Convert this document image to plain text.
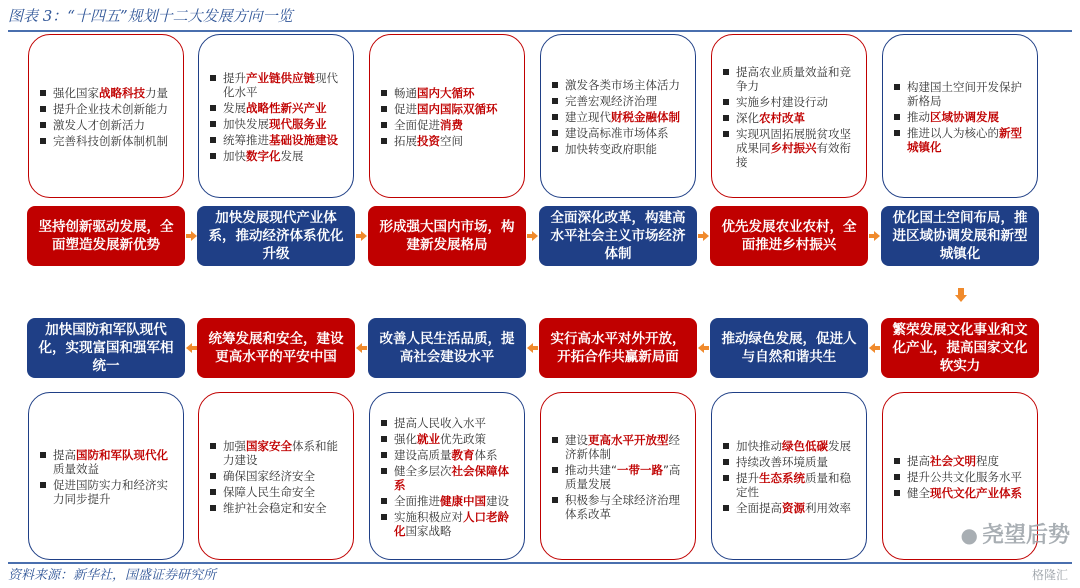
图表 3：“十四五”规划十二大发展方向一览
强化国家战略科技力量
提升企业技术创新能力
激发人才创新活力
完善科技创新体制机制
坚持创新驱动发展，全面塑造发展新优势
提升产业链供应链现代化水平
发展战略性新兴产业
加快发展现代服务业
统筹推进基础设施建设
加快数字化发展
加快发展现代产业体系，推动经济体系优化升级
畅通国内大循环
促进国内国际双循环
全面促进消费
拓展投资空间
形成强大国内市场，构建新发展格局
激发各类市场主体活力
完善宏观经济治理
建立现代财税金融体制
建设高标准市场体系
加快转变政府职能
全面深化改革，构建高水平社会主义市场经济体制
提高农业质量效益和竞争力
实施乡村建设行动
深化农村改革
实现巩固拓展脱贫攻坚成果同乡村振兴有效衔接
优先发展农业农村，全面推进乡村振兴
构建国土空间开发保护新格局
推动区域协调发展
推进以人为核心的新型城镇化
优化国土空间布局，推进区域协调发展和新型城镇化
提高国防和军队现代化质量效益
促进国防实力和经济实力同步提升
加快国防和军队现代化，实现富国和强军相统一
加强国家安全体系和能力建设
确保国家经济安全
保障人民生命安全
维护社会稳定和安全
统筹发展和安全，建设更高水平的平安中国
提高人民收入水平
强化就业优先政策
建设高质量教育体系
健全多层次社会保障体系
全面推进健康中国建设
实施积极应对人口老龄化国家战略
改善人民生活品质，提高社会建设水平
建设更高水平开放型经济新体制
推动共建“一带一路”高质量发展
积极参与全球经济治理体系改革
实行高水平对外开放，开拓合作共赢新局面
加快推动绿色低碳发展
持续改善环境质量
提升生态系统质量和稳定性
全面提高资源利用效率
推动绿色发展，促进人与自然和谐共生
提高社会文明程度
提升公共文化服务水平
健全现代文化产业体系
繁荣发展文化事业和文化产业，提高国家文化软实力
● 尧望后势
格隆汇
资料来源：新华社，国盛证券研究所
